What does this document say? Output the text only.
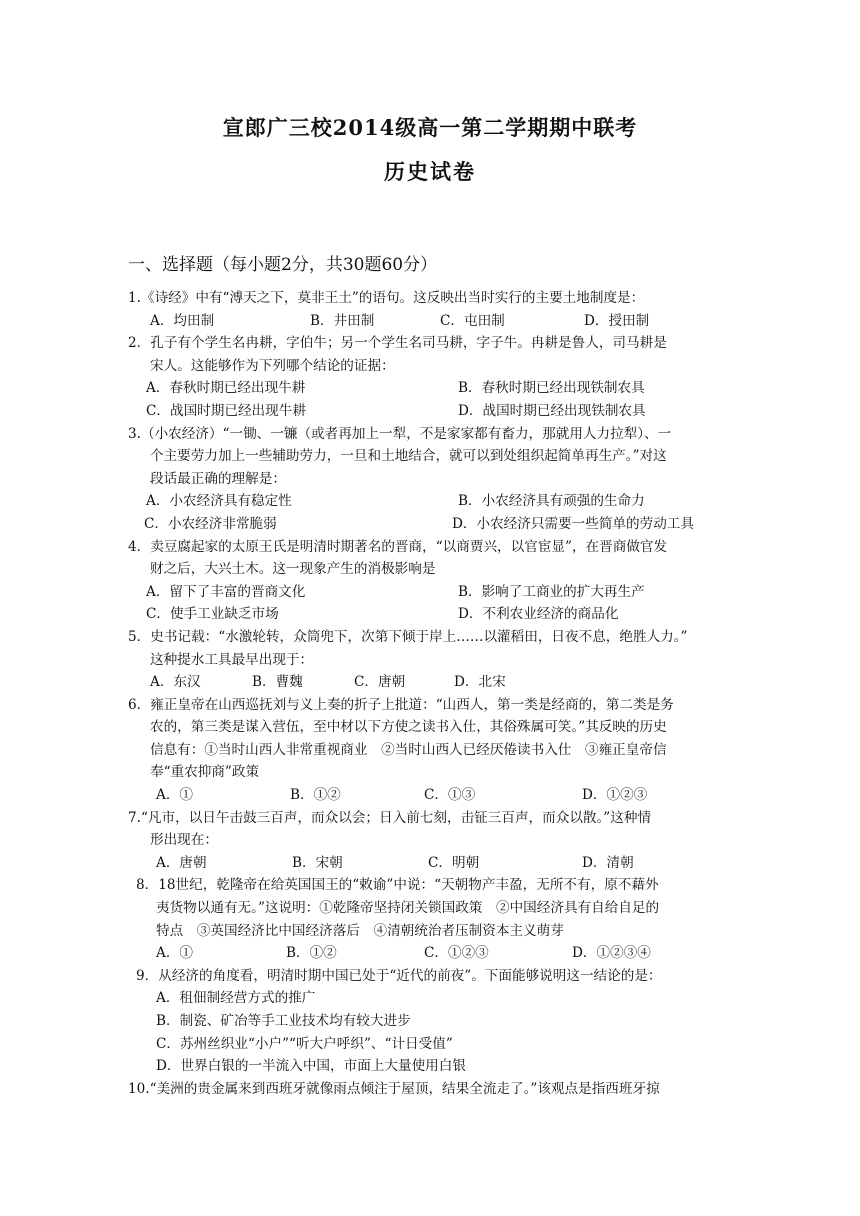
宣郎广三校2014级高一第二学期期中联考
历史试卷
一、选择题（每小题2分，共30题60分）
1.《诗经》中有“溥天之下，莫非王土”的语句。这反映出当时实行的主要土地制度是：
A．均田制	B．井田制	C．屯田制	D．授田制
2．孔子有个学生名冉耕，字伯牛；另一个学生名司马耕，字子牛。冉耕是鲁人，司马耕是
宋人。这能够作为下列哪个结论的证据：
A．春秋时期已经出现牛耕	B．春秋时期已经出现铁制农具
C．战国时期已经出现牛耕	D．战国时期已经出现铁制农具
3.（小农经济）“一锄、一镰（或者再加上一犁，不是家家都有畜力，那就用人力拉犁）、一
个主要劳力加上一些辅助劳力，一旦和土地结合，就可以到处组织起简单再生产。”对这
段话最正确的理解是：
A．小农经济具有稳定性	B．小农经济具有顽强的生命力
C．小农经济非常脆弱	D．小农经济只需要一些简单的劳动工具
4．卖豆腐起家的太原王氏是明清时期著名的晋商，“以商贾兴，以官宦显”，在晋商做官发
财之后，大兴土木。这一现象产生的消极影响是
A．留下了丰富的晋商文化	B．影响了工商业的扩大再生产
C．使手工业缺乏市场	D．不利农业经济的商品化
5．史书记载：“水激轮转，众筒兜下，次第下倾于岸上……以灌稻田，日夜不息，绝胜人力。”
这种提水工具最早出现于：
A．东汉	B．曹魏	C．唐朝	D．北宋
6．雍正皇帝在山西巡抚刘与义上奏的折子上批道：“山西人，第一类是经商的，第二类是务
农的，第三类是谋入营伍，至中材以下方使之读书入仕，其俗殊属可笑。”其反映的历史
信息有：①当时山西人非常重视商业　②当时山西人已经厌倦读书入仕　③雍正皇帝信
奉“重农抑商”政策
A．①	B．①②	C．①③	D．①②③
7.“凡市，以日午击鼓三百声，而众以会；日入前七刻，击钲三百声，而众以散。”这种情
形出现在：
A．唐朝	B．宋朝	C．明朝	D．清朝
8．18世纪，乾隆帝在给英国国王的“敕谕”中说：“天朝物产丰盈，无所不有，原不藉外
夷货物以通有无。”这说明：①乾隆帝坚持闭关锁国政策　②中国经济具有自给自足的
特点　③英国经济比中国经济落后　④清朝统治者压制资本主义萌芽
A．①	B．①②	C．①②③	D．①②③④
9．从经济的角度看，明清时期中国已处于“近代的前夜”。下面能够说明这一结论的是：
A．租佃制经营方式的推广
B．制瓷、矿冶等手工业技术均有较大进步
C．苏州丝织业“小户”“听大户呼织”、“计日受值”
D．世界白银的一半流入中国，市面上大量使用白银
10.“美洲的贵金属来到西班牙就像雨点倾注于屋顶，结果全流走了。”该观点是指西班牙掠
